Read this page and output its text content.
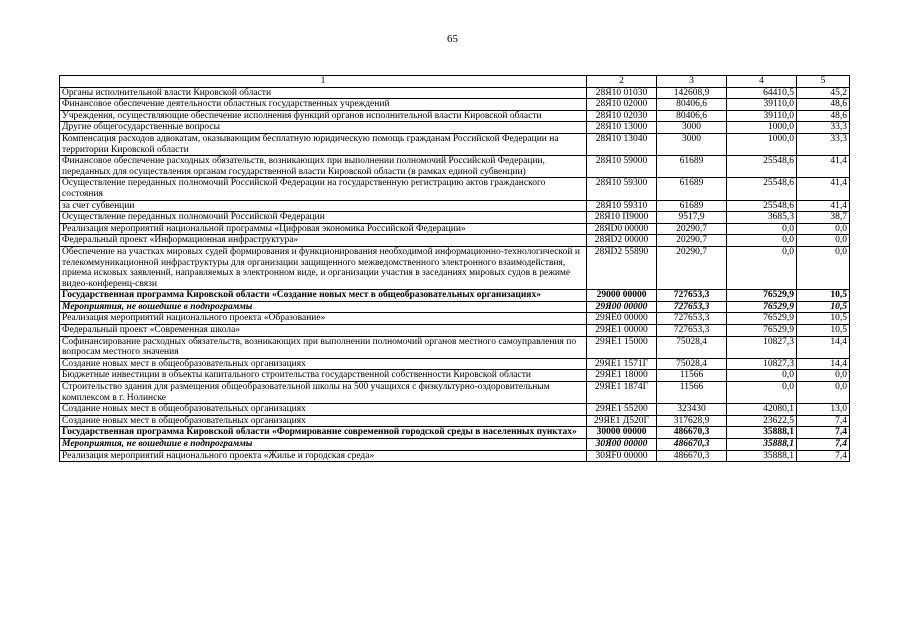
65
1	2	3	4	5
Органы исполнительной власти Кировской области	28Я10 01030	142608,9	64410,5	45,2
Финансовое обеспечение деятельности областных государственных учреждений	28Я10 02000	80406,6	39110,0	48,6
Учреждения, осуществляющие обеспечение исполнения функций органов исполнительной власти Кировской области	28Я10 02030	80406,6	39110,0	48,6
Другие общегосударственные вопросы	28Я10 13000	3000	1000,0	33,3
Компенсация расходов адвокатам, оказывающим бесплатную юридическую помощь гражданам Российской Федерации на территории Кировской области	28Я10 13040	3000	1000,0	33,3
Финансовое обеспечение расходных обязательств, возникающих при выполнении полномочий Российской Федерации, переданных для осуществления органам государственной власти Кировской области (в рамках единой субвенции)	28Я10 59000	61689	25548,6	41,4
Осуществление переданных полномочий Российской Федерации на государственную регистрацию актов гражданского состояния	28Я10 59300	61689	25548,6	41,4
за счет субвенции	28Я10 59310	61689	25548,6	41,4
Осуществление переданных полномочий Российской Федерации	28Я10 П9000	9517,9	3685,3	38,7
Реализация мероприятий национальной программы «Цифровая экономика Российской Федерации»	28ЯD0 00000	20290,7	0,0	0,0
Федеральный проект «Информационная инфраструктура»	28ЯD2 00000	20290,7	0,0	0,0
Обеспечение на участках мировых судей формирования и функционирования необходимой информационно-технологической и телекоммуникационной инфраструктуры для организации защищенного межведомственного электронного взаимодействия, приема исковых заявлений, направляемых в электронном виде, и организации участия в заседаниях мировых судов в режиме видео-конференц-связи	28ЯD2 55890	20290,7	0,0	0,0
Государственная программа Кировской области «Создание новых мест в общеобразовательных организациях»	29000 00000	727653,3	76529,9	10,5
Мероприятия, не вошедшие в подпрограммы	29Я00 00000	727653,3	76529,9	10,5
Реализация мероприятий национального проекта «Образование»	29ЯЕ0 00000	727653,3	76529,9	10,5
Федеральный проект «Современная школа»	29ЯЕ1 00000	727653,3	76529,9	10,5
Софинансирование расходных обязательств, возникающих при выполнении полномочий органов местного самоуправления по вопросам местного значения	29ЯЕ1 15000	75028,4	10827,3	14,4
Создание новых мест в общеобразовательных организациях	29ЯЕ1 1571Г	75028,4	10827,3	14,4
Бюджетные инвестиции в объекты капитального строительства государственной собственности Кировской области	29ЯЕ1 18000	11566	0,0	0,0
Строительство здания для размещения общеобразовательной школы на 500 учащихся с физкультурно-оздоровительным комплексом в г. Нолинске	29ЯЕ1 1874Г	11566	0,0	0,0
Создание новых мест в общеобразовательных организациях	29ЯЕ1 55200	323430	42080,1	13,0
Создание новых мест в общеобразовательных организациях	29ЯЕ1 Д520Г	317628,9	23622,5	7,4
Государственная программа Кировской области «Формирование современной городской среды в населенных пунктах»	30000 00000	486670,3	35888,1	7,4
Мероприятия, не вошедшие в подпрограммы	30Я00 00000	486670,3	35888,1	7,4
Реализация мероприятий национального проекта «Жилье и городская среда»	30ЯF0 00000	486670,3	35888,1	7,4
